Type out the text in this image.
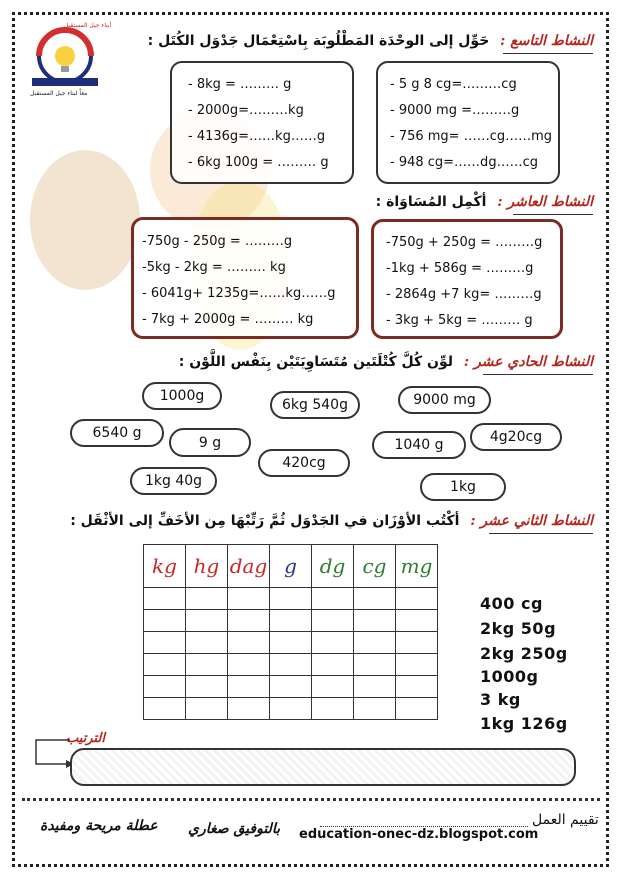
أبناء جيل المستقبل
معاً لبناء جيل المستقبل
النشاط التاسع : حَوِّل إلى الوحْدَة المَطْلُوبَة بِاسْتِعْمَال جَدْوَل الكُتَل :
- 8kg = ……… g
- 2000g=………kg
- 4136g=……kg……g
- 6kg 100g = ……… g
- 5 g 8 cg=………cg
- 9000 mg =………g
- 756 mg= ……cg……mg
- 948 cg=……dg……cg
النشاط العاشر : أكْمِل المُسَاوَاة :
-750g - 250g = ………g
-5kg - 2kg = ……… kg
- 6041g+ 1235g=……kg……g
- 7kg + 2000g = ……… kg
-750g + 250g = ………g
-1kg + 586g = ………g
- 2864g +7 kg= ………g
- 3kg + 5kg = ……… g
النشاط الحادي عشر : لوِّن كُلَّ كُتْلَتَين مُتَسَاوِيَتَيْن بِنَفْس اللَّوْن :
1000g
6kg 540g	9000 mg
6540 g
9 g
420cg
1040 g	4g20cg
1kg 40g	1kg
النشاط الثاني عشر : أكْتُب الأوْزَان في الجَدْوَل ثُمَّ رَتِّبْهَا مِن الأخَفِّ إلى الأثْقَل :
kg	hg	dag	g	dg	cg	mg

400 cg
2kg 50g
2kg 250g
1000g
3 kg
1kg 126g
الترتيب
تقييم العمل
education-onec-dz.blogspot.com
بالتوفيق صغاري
عطلة مريحة ومفيدة
